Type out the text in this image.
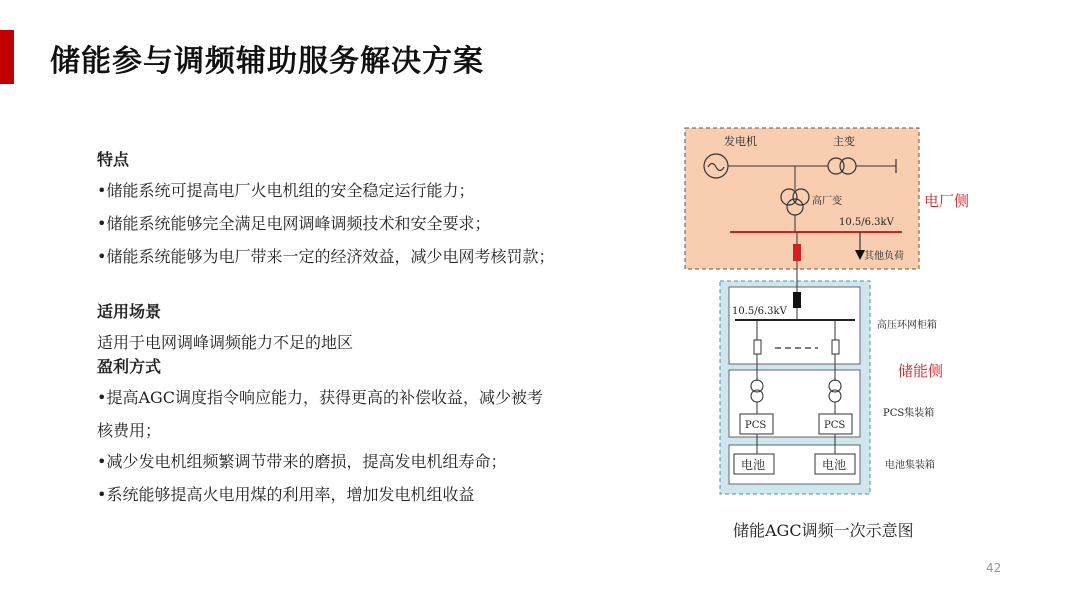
储能参与调频辅助服务解决方案
特点
•储能系统可提高电厂火电机组的安全稳定运行能力；
•储能系统能够完全满足电网调峰调频技术和安全要求；
•储能系统能够为电厂带来一定的经济效益，减少电网考核罚款；
适用场景
适用于电网调峰调频能力不足的地区
盈利方式
•提高AGC调度指令响应能力，获得更高的补偿收益，减少被考
核费用；
•减少发电机组频繁调节带来的磨损，提高发电机组寿命；
•系统能够提高火电用煤的利用率，增加发电机组收益
发电机	主变
高厂变
10.5/6.3kV
其他负荷
电厂侧
10.5/6.3kV
高压环网柜箱
储能侧
PCS	PCS
PCS集装箱
电池	电池	电池集装箱
储能AGC调频一次示意图
42
